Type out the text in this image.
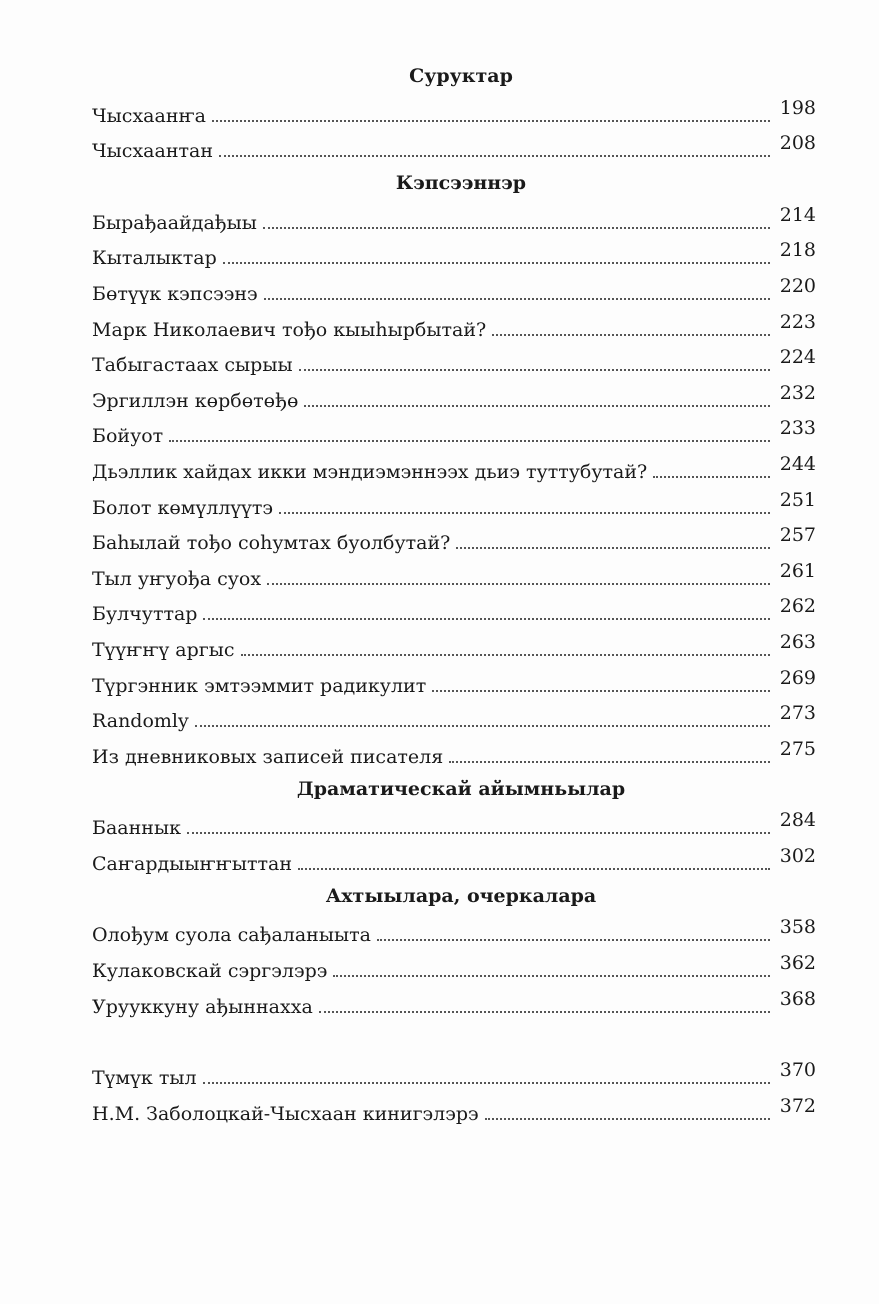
Суруктар
Чысхаанҥа	198
Чысхаантан	208
Кэпсээннэр
Бырађаайдађыы	214
Кыталыктар	218
Бөтүүк кэпсээнэ	220
Марк Николаевич тођо кыыһырбытай?	223
Табыгастаах сырыы	224
Эргиллэн көрбөтөђө	232
Бойуот	233
Дьэллик хайдах икки мэндиэмэннээх дьиэ туттубутай?	244
Болот көмүллүүтэ	251
Баһылай тођо соһумтах буолбутай?	257
Тыл уҥуођа суох	261
Булчуттар	262
Түүҥҥү аргыс	263
Түргэнник эмтээммит радикулит	269
Randomly	273
Из дневниковых записей писателя	275
Драматическай айымньылар
Бааннык	284
Саҥардыыҥҥыттан	302
Ахтыылара, очеркалара
Олођум суола сађаланыыта	358
Кулаковскай сэргэлэрэ	362
Урууккуну ађыннахха	368
Түмүк тыл	370
Н.М. Заболоцкай-Чысхаан кинигэлэрэ	372
